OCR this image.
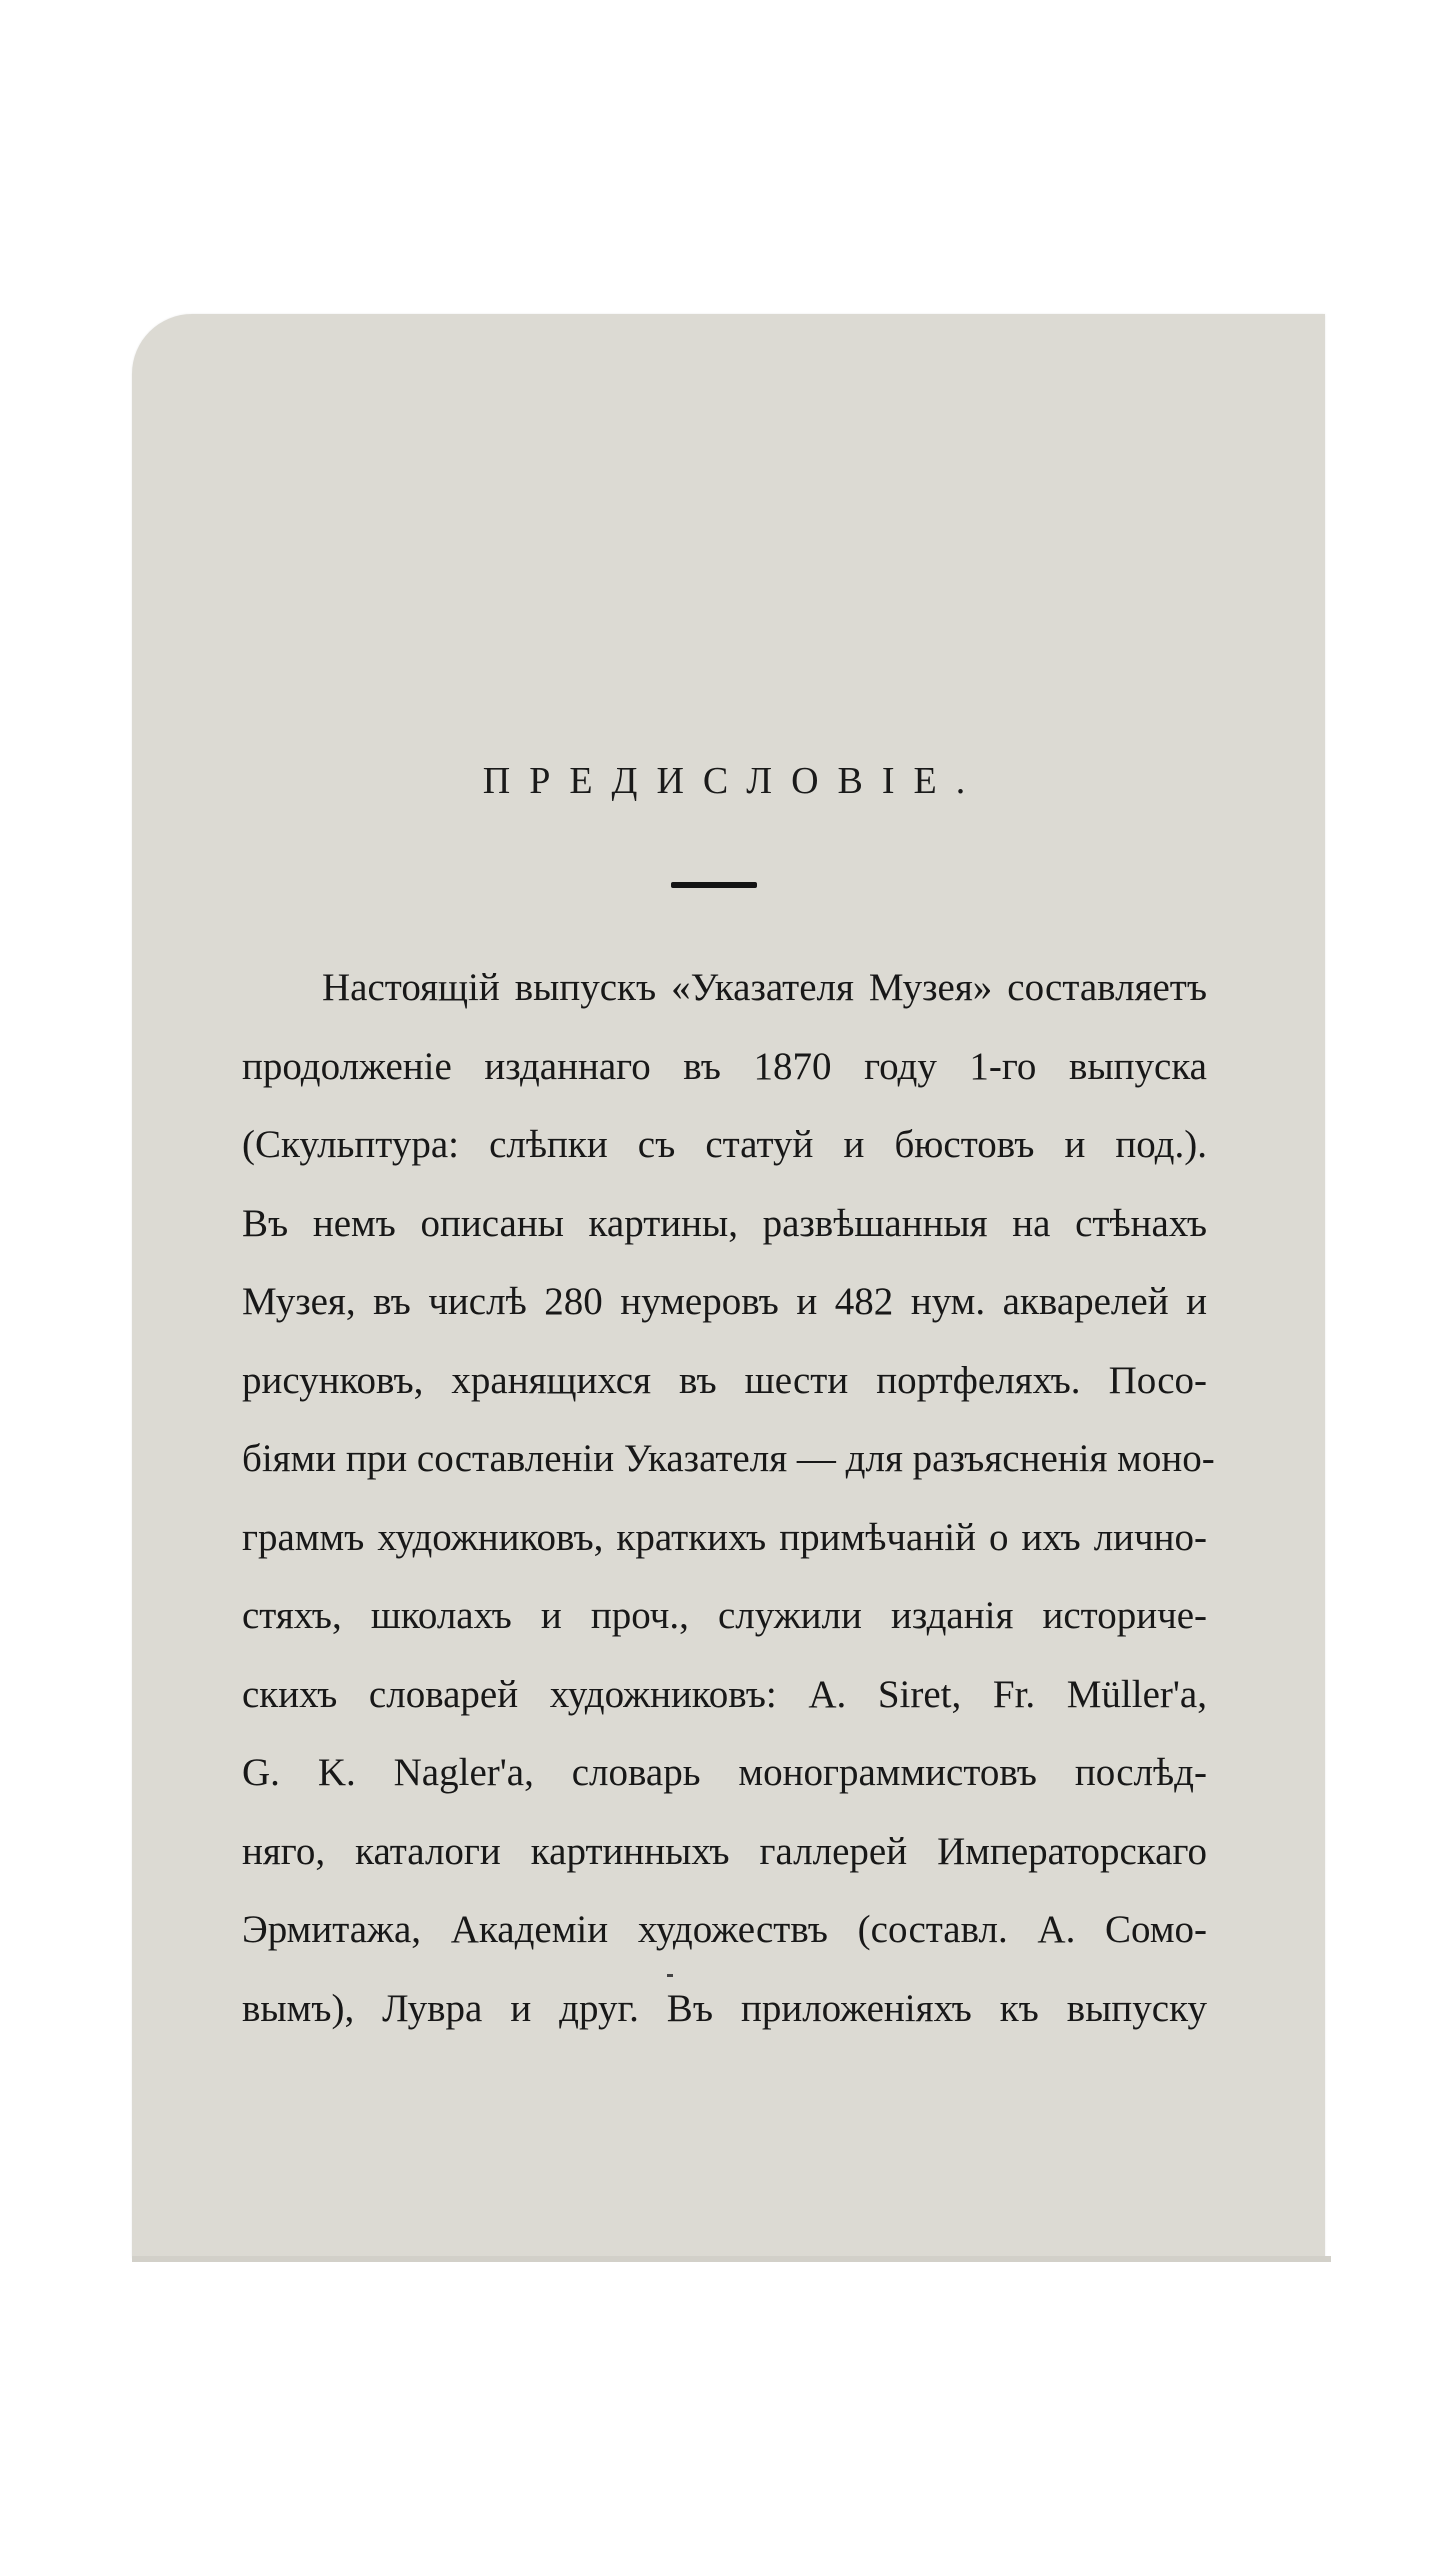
ПРЕДИСЛОВІЕ.
Настоящій выпускъ «Указателя Музея» составляетъ
продолженіе изданнаго въ 1870 году 1-го выпуска
(Скульптура: слѣпки съ статуй и бюстовъ и под.).
Въ немъ описаны картины, развѣшанныя на стѣнахъ
Музея, въ числѣ 280 нумеровъ и 482 нум. акварелей и
рисунковъ, хранящихся въ шести портфеляхъ. Посо-
біями при составленіи Указателя — для разъясненія моно-
граммъ художниковъ, краткихъ примѣчаній о ихъ лично-
стяхъ, школахъ и проч., служили изданія историче-
скихъ словарей художниковъ: A. Siret, Fr. Müller'a,
G. K. Nagler'a, словарь монограммистовъ послѣд-
няго, каталоги картинныхъ галлерей Императорскаго
Эрмитажа, Академіи художествъ (составл. А. Сомо-
вымъ), Лувра и друг. Въ приложеніяхъ къ выпуску
